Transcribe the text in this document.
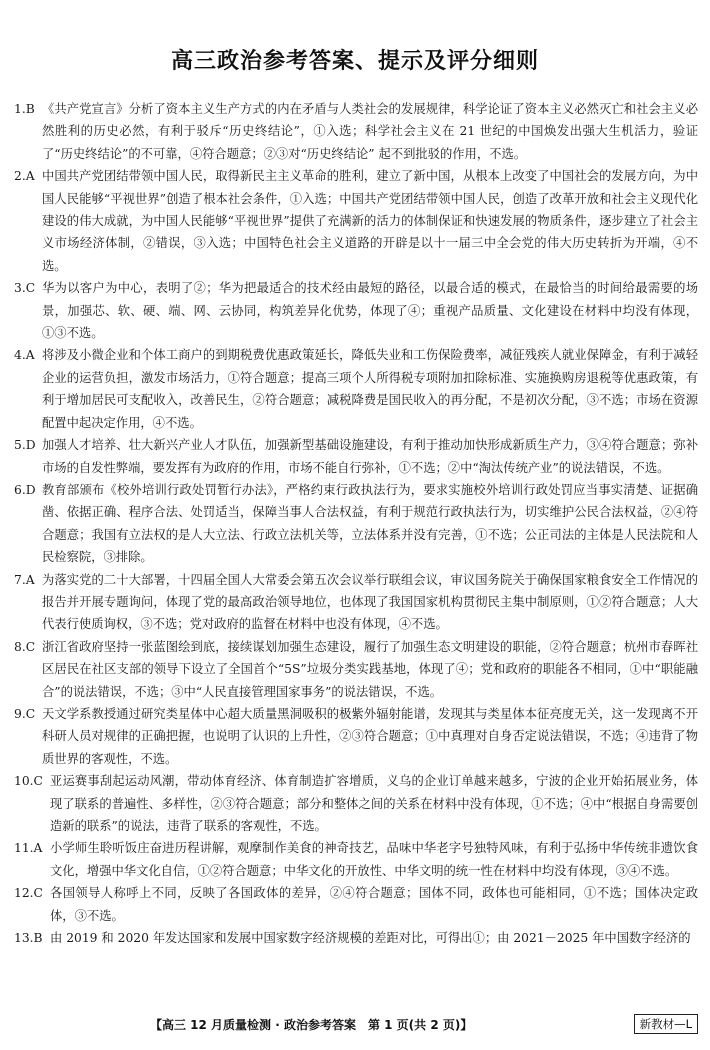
高三政治参考答案、提示及评分细则
1.B 《共产党宣言》分析了资本主义生产方式的内在矛盾与人类社会的发展规律，科学论证了资本主义必然灭亡和社会主义必然胜利的历史必然，有利于驳斥“历史终结论”，①入选；科学社会主义在 21 世纪的中国焕发出强大生机活力，验证了“历史终结论”的不可靠，④符合题意；②③对“历史终结论” 起不到批驳的作用，不选。
2.A 中国共产党团结带领中国人民，取得新民主主义革命的胜利，建立了新中国，从根本上改变了中国社会的发展方向，为中国人民能够“平视世界”创造了根本社会条件，①入选；中国共产党团结带领中国人民，创造了改革开放和社会主义现代化建设的伟大成就，为中国人民能够“平视世界”提供了充满新的活力的体制保证和快速发展的物质条件，逐步建立了社会主义市场经济体制，②错误，③入选；中国特色社会主义道路的开辟是以十一届三中全会党的伟大历史转折为开端，④不选。
3.C 华为以客户为中心，表明了②；华为把最适合的技术经由最短的路径，以最合适的模式，在最恰当的时间给最需要的场景，加强芯、软、硬、端、网、云协同，构筑差异化优势，体现了④；重视产品质量、文化建设在材料中均没有体现，①③不选。
4.A 将涉及小微企业和个体工商户的到期税费优惠政策延长，降低失业和工伤保险费率，减征残疾人就业保障金，有利于减轻企业的运营负担，激发市场活力，①符合题意；提高三项个人所得税专项附加扣除标准、实施换购房退税等优惠政策，有利于增加居民可支配收入，改善民生，②符合题意；减税降费是国民收入的再分配，不是初次分配，③不选；市场在资源配置中起决定作用，④不选。
5.D 加强人才培养、壮大新兴产业人才队伍，加强新型基础设施建设，有利于推动加快形成新质生产力，③④符合题意；弥补市场的自发性弊端，要发挥有为政府的作用，市场不能自行弥补，①不选；②中“淘汰传统产业”的说法错误，不选。
6.D 教育部颁布《校外培训行政处罚暂行办法》，严格约束行政执法行为，要求实施校外培训行政处罚应当事实清楚、证据确凿、依据正确、程序合法、处罚适当，保障当事人合法权益，有利于规范行政执法行为，切实维护公民合法权益，②④符合题意；我国有立法权的是人大立法、行政立法机关等，立法体系并没有完善，①不选；公正司法的主体是人民法院和人民检察院，③排除。
7.A 为落实党的二十大部署，十四届全国人大常委会第五次会议举行联组会议，审议国务院关于确保国家粮食安全工作情况的报告并开展专题询问，体现了党的最高政治领导地位，也体现了我国国家机构贯彻民主集中制原则，①②符合题意；人大代表行使质询权，③不选；党对政府的监督在材料中也没有体现，④不选。
8.C 浙江省政府坚持一张蓝图绘到底，接续谋划加强生态建设，履行了加强生态文明建设的职能，②符合题意；杭州市春晖社区居民在社区支部的领导下设立了全国首个“5S”垃圾分类实践基地，体现了④；党和政府的职能各不相同，①中“职能融合”的说法错误，不选；③中“人民直接管理国家事务”的说法错误，不选。
9.C 天文学系教授通过研究类星体中心超大质量黑洞吸积的极紫外辐射能谱，发现其与类星体本征亮度无关，这一发现离不开科研人员对规律的正确把握，也说明了认识的上升性，②③符合题意；①中真理对自身否定说法错误，不选；④违背了物质世界的客观性，不选。
10.C 亚运赛事刮起运动风潮，带动体育经济、体育制造扩容增质，义乌的企业订单越来越多，宁波的企业开始拓展业务，体现了联系的普遍性、多样性，②③符合题意；部分和整体之间的关系在材料中没有体现，①不选；④中“根据自身需要创造新的联系”的说法，违背了联系的客观性，不选。
11.A 小学师生聆听饭庄奋进历程讲解，观摩制作美食的神奇技艺，品味中华老字号独特风味，有利于弘扬中华传统非遗饮食文化，增强中华文化自信，①②符合题意；中华文化的开放性、中华文明的统一性在材料中均没有体现，③④不选。
12.C 各国领导人称呼上不同，反映了各国政体的差异，②④符合题意；国体不同，政体也可能相同，①不选；国体决定政体，③不选。
13.B 由 2019 和 2020 年发达国家和发展中国家数字经济规模的差距对比，可得出①；由 2021－2025 年中国数字经济的
【高三 12 月质量检测 · 政治参考答案　第 1 页(共 2 页)】	新教材—L
